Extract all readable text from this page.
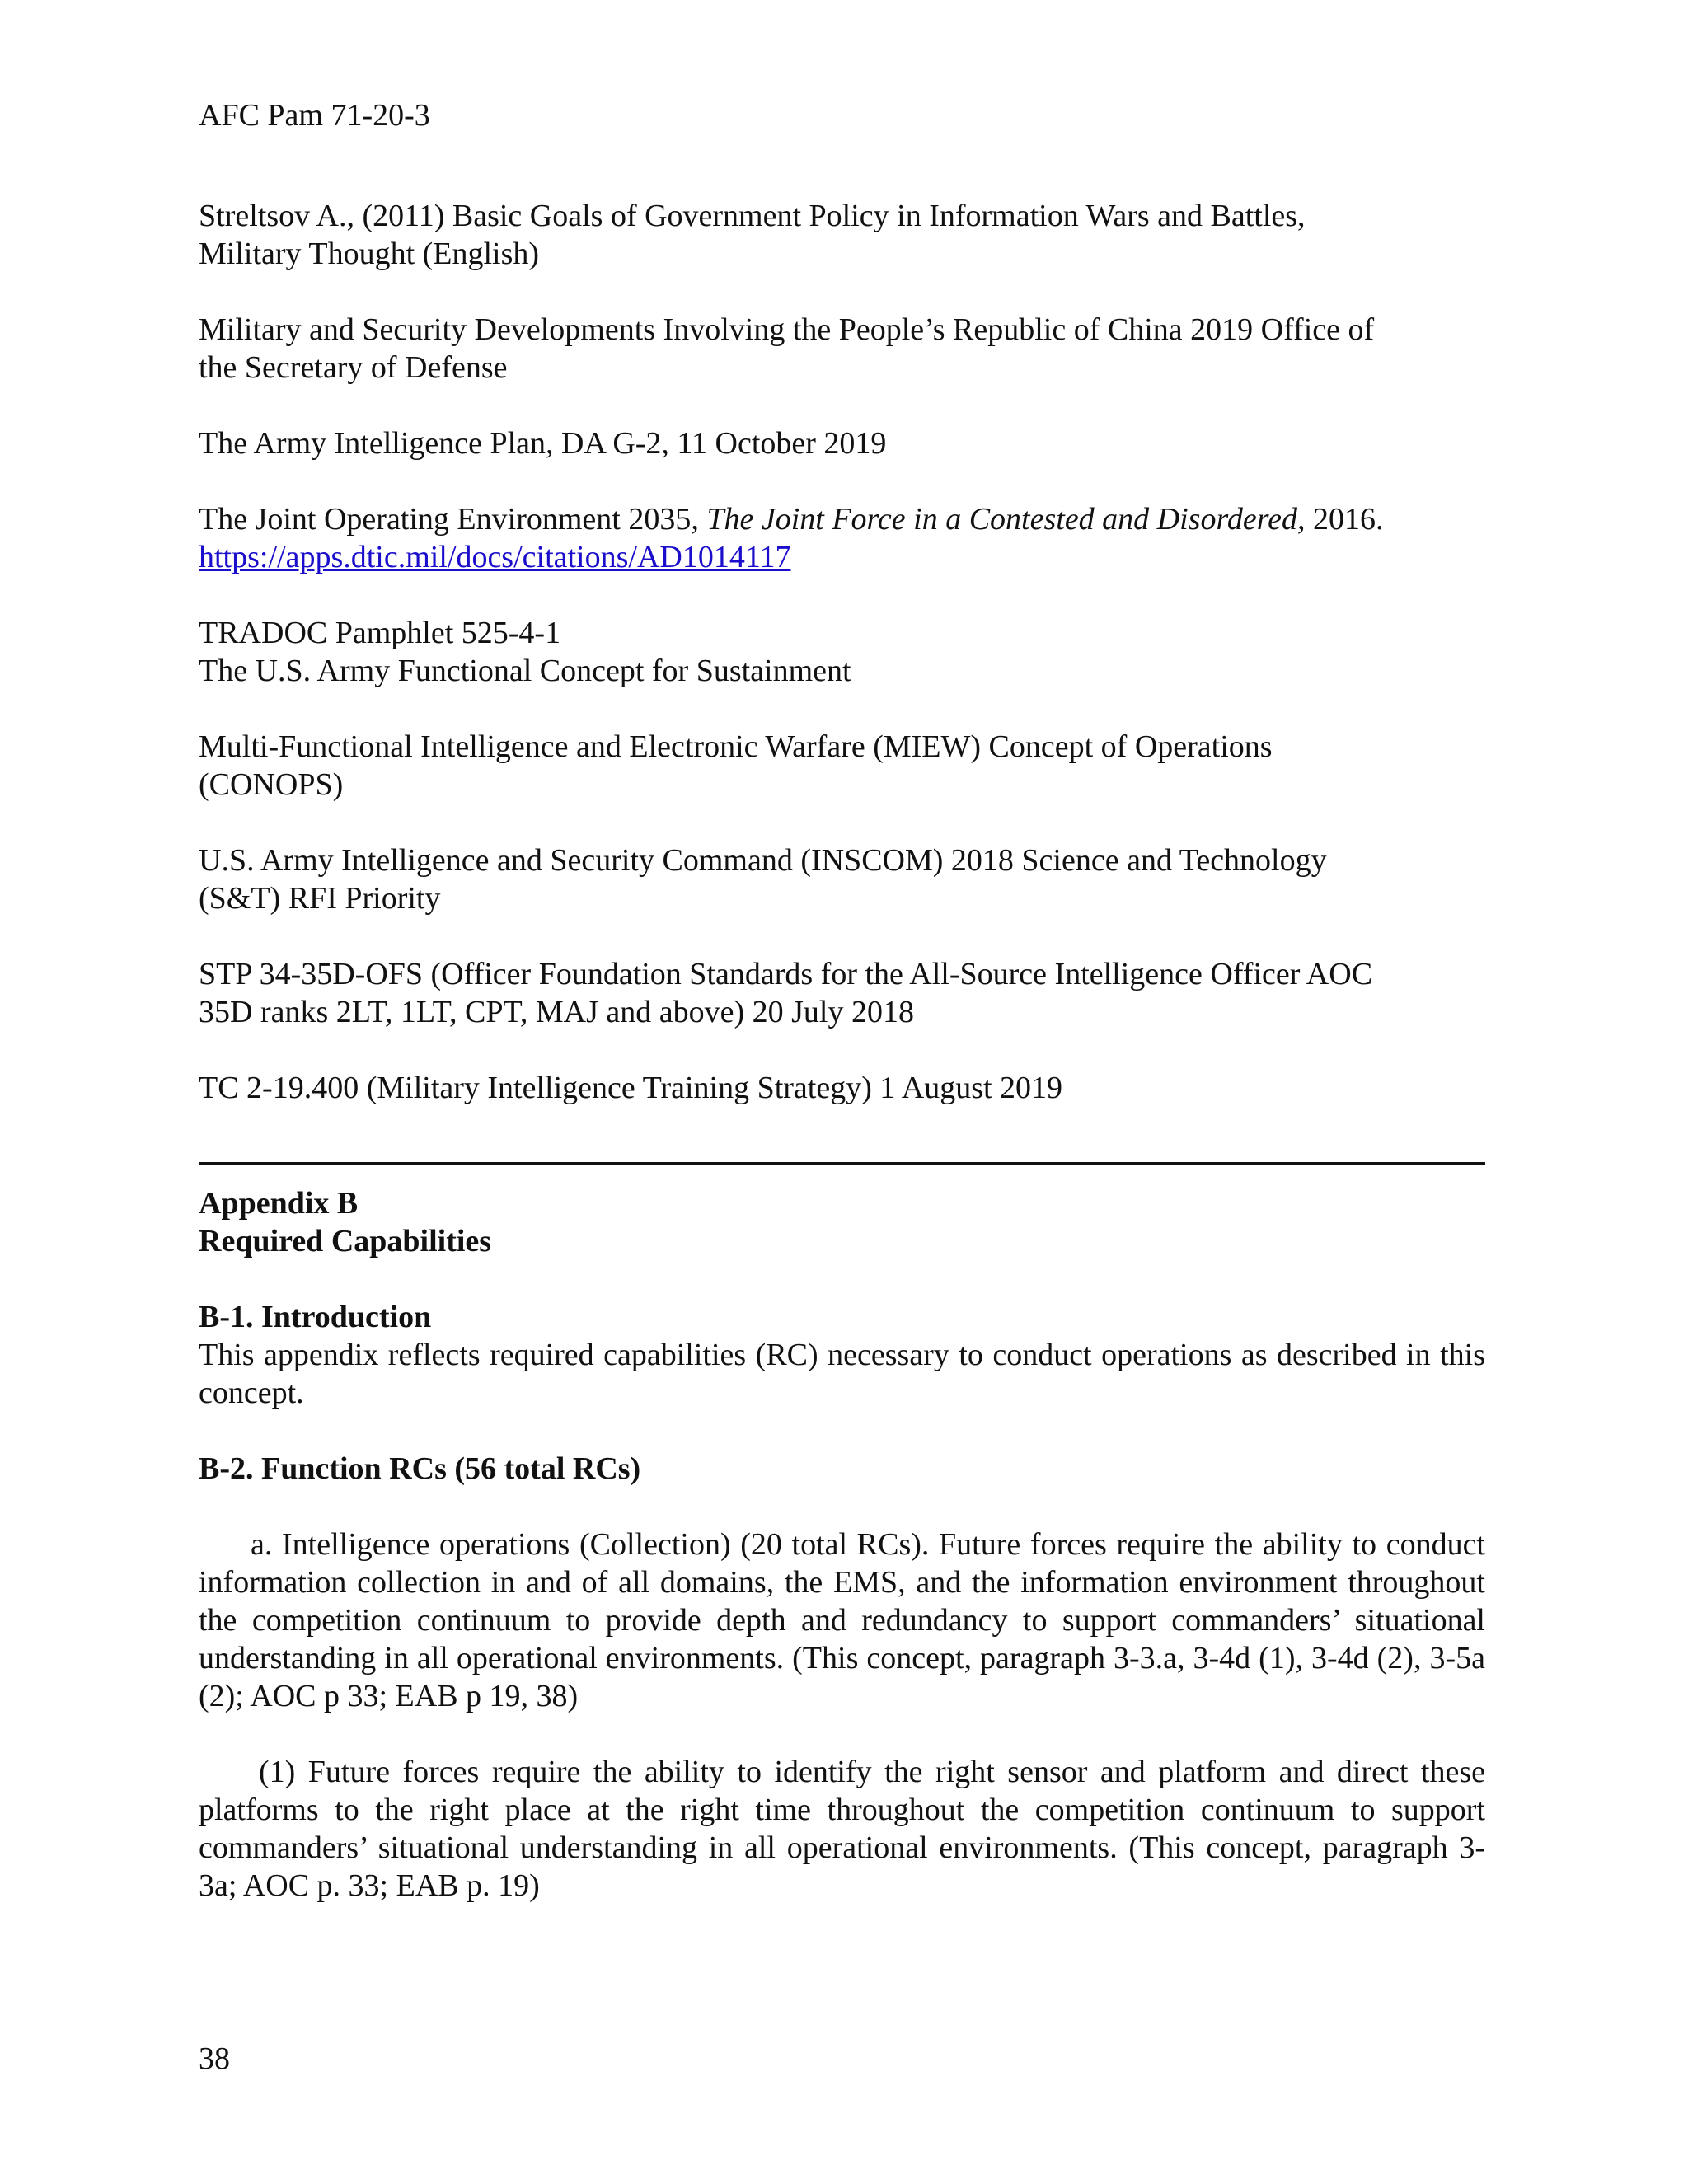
AFC Pam 71-20-3

Streltsov A., (2011) Basic Goals of Government Policy in Information Wars and Battles,
Military Thought (English)
Military and Security Developments Involving the People’s Republic of China 2019 Office of
the Secretary of Defense
The Army Intelligence Plan, DA G-2, 11 October 2019
The Joint Operating Environment 2035, The Joint Force in a Contested and Disordered, 2016.
https://apps.dtic.mil/docs/citations/AD1014117
TRADOC Pamphlet 525-4-1
The U.S. Army Functional Concept for Sustainment
Multi-Functional Intelligence and Electronic Warfare (MIEW) Concept of Operations
(CONOPS)
U.S. Army Intelligence and Security Command (INSCOM) 2018 Science and Technology
(S&T) RFI Priority
STP 34-35D-OFS (Officer Foundation Standards for the All-Source Intelligence Officer AOC
35D ranks 2LT, 1LT, CPT, MAJ and above) 20 July 2018
TC 2-19.400 (Military Intelligence Training Strategy) 1 August 2019

Appendix B

Required Capabilities

B-1. Introduction

This appendix reflects required capabilities (RC) necessary to conduct operations as described in this concept.

B-2. Function RCs (56 total RCs)

a. Intelligence operations (Collection) (20 total RCs). Future forces require the ability to conduct information collection in and of all domains, the EMS, and the information environment throughout the competition continuum to provide depth and redundancy to support commanders’ situational understanding in all operational environments. (This concept, paragraph 3-3.a, 3-4d (1), 3-4d (2), 3-5a (2); AOC p 33; EAB p 19, 38)

(1) Future forces require the ability to identify the right sensor and platform and direct these platforms to the right place at the right time throughout the competition continuum to support commanders’ situational understanding in all operational environments. (This concept, paragraph 3-3a; AOC p. 33; EAB p. 19)

38
